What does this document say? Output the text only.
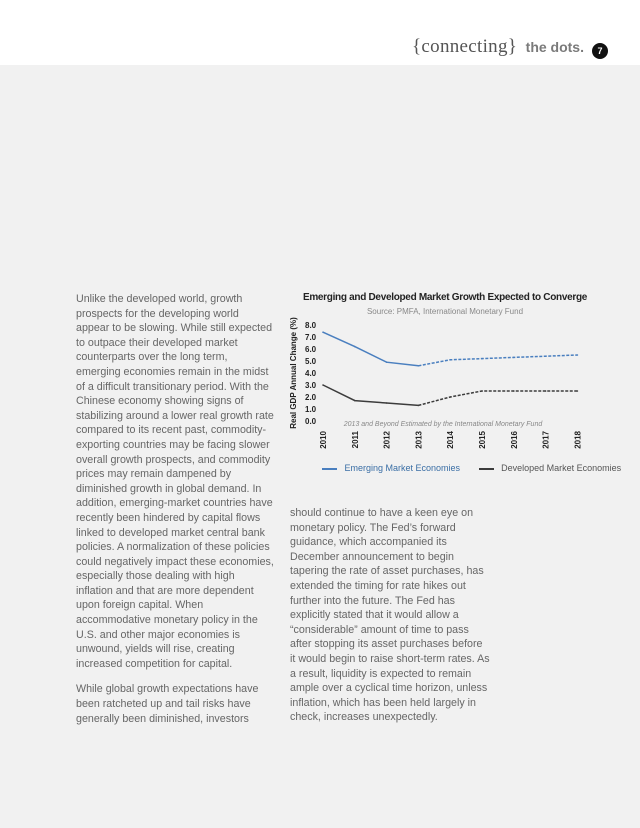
{connecting} the dots.	7

Unlike the developed world, growth prospects for the developing world appear to be slowing. While still expected to outpace their developed market counterparts over the long term, emerging economies remain in the midst of a difficult transitionary period. With the Chinese economy showing signs of stabilizing around a lower real growth rate compared to its recent past, commodity-exporting countries may be facing slower overall growth prospects, and commodity prices may remain dampened by diminished growth in global demand. In addition, emerging-market countries have recently been hindered by capital flows linked to developed market central bank policies. A normalization of these policies could negatively impact these economies, especially those dealing with high inflation and that are more dependent upon foreign capital. When accommodative monetary policy in the U.S. and other major economies is unwound, yields will rise, creating increased competition for capital.

While global growth expectations have been ratcheted up and tail risks have generally been diminished, investors

should continue to have a keen eye on monetary policy. The Fed’s forward guidance, which accompanied its December announcement to begin tapering the rate of asset purchases, has extended the timing for rate hikes out further into the future. The Fed has explicitly stated that it would allow a “considerable” amount of time to pass after stopping its asset purchases before it would begin to raise short-term rates. As a result, liquidity is expected to remain ample over a cyclical time horizon, unless inflation, which has been held largely in check, increases unexpectedly.

Emerging and Developed Market Growth Expected to Converge
Source: PMFA, International Monetary Fund
Real GDP Annual Change (%) 8.0
7.0
6.0
5.0
4.0
3.0
2.0
1.0
0.0
2010	2011	2012	2013	2014	2015	2016	2017	2018
2013 and Beyond Estimated by the International Monetary Fund
Emerging Market Economies	Developed Market Economies
